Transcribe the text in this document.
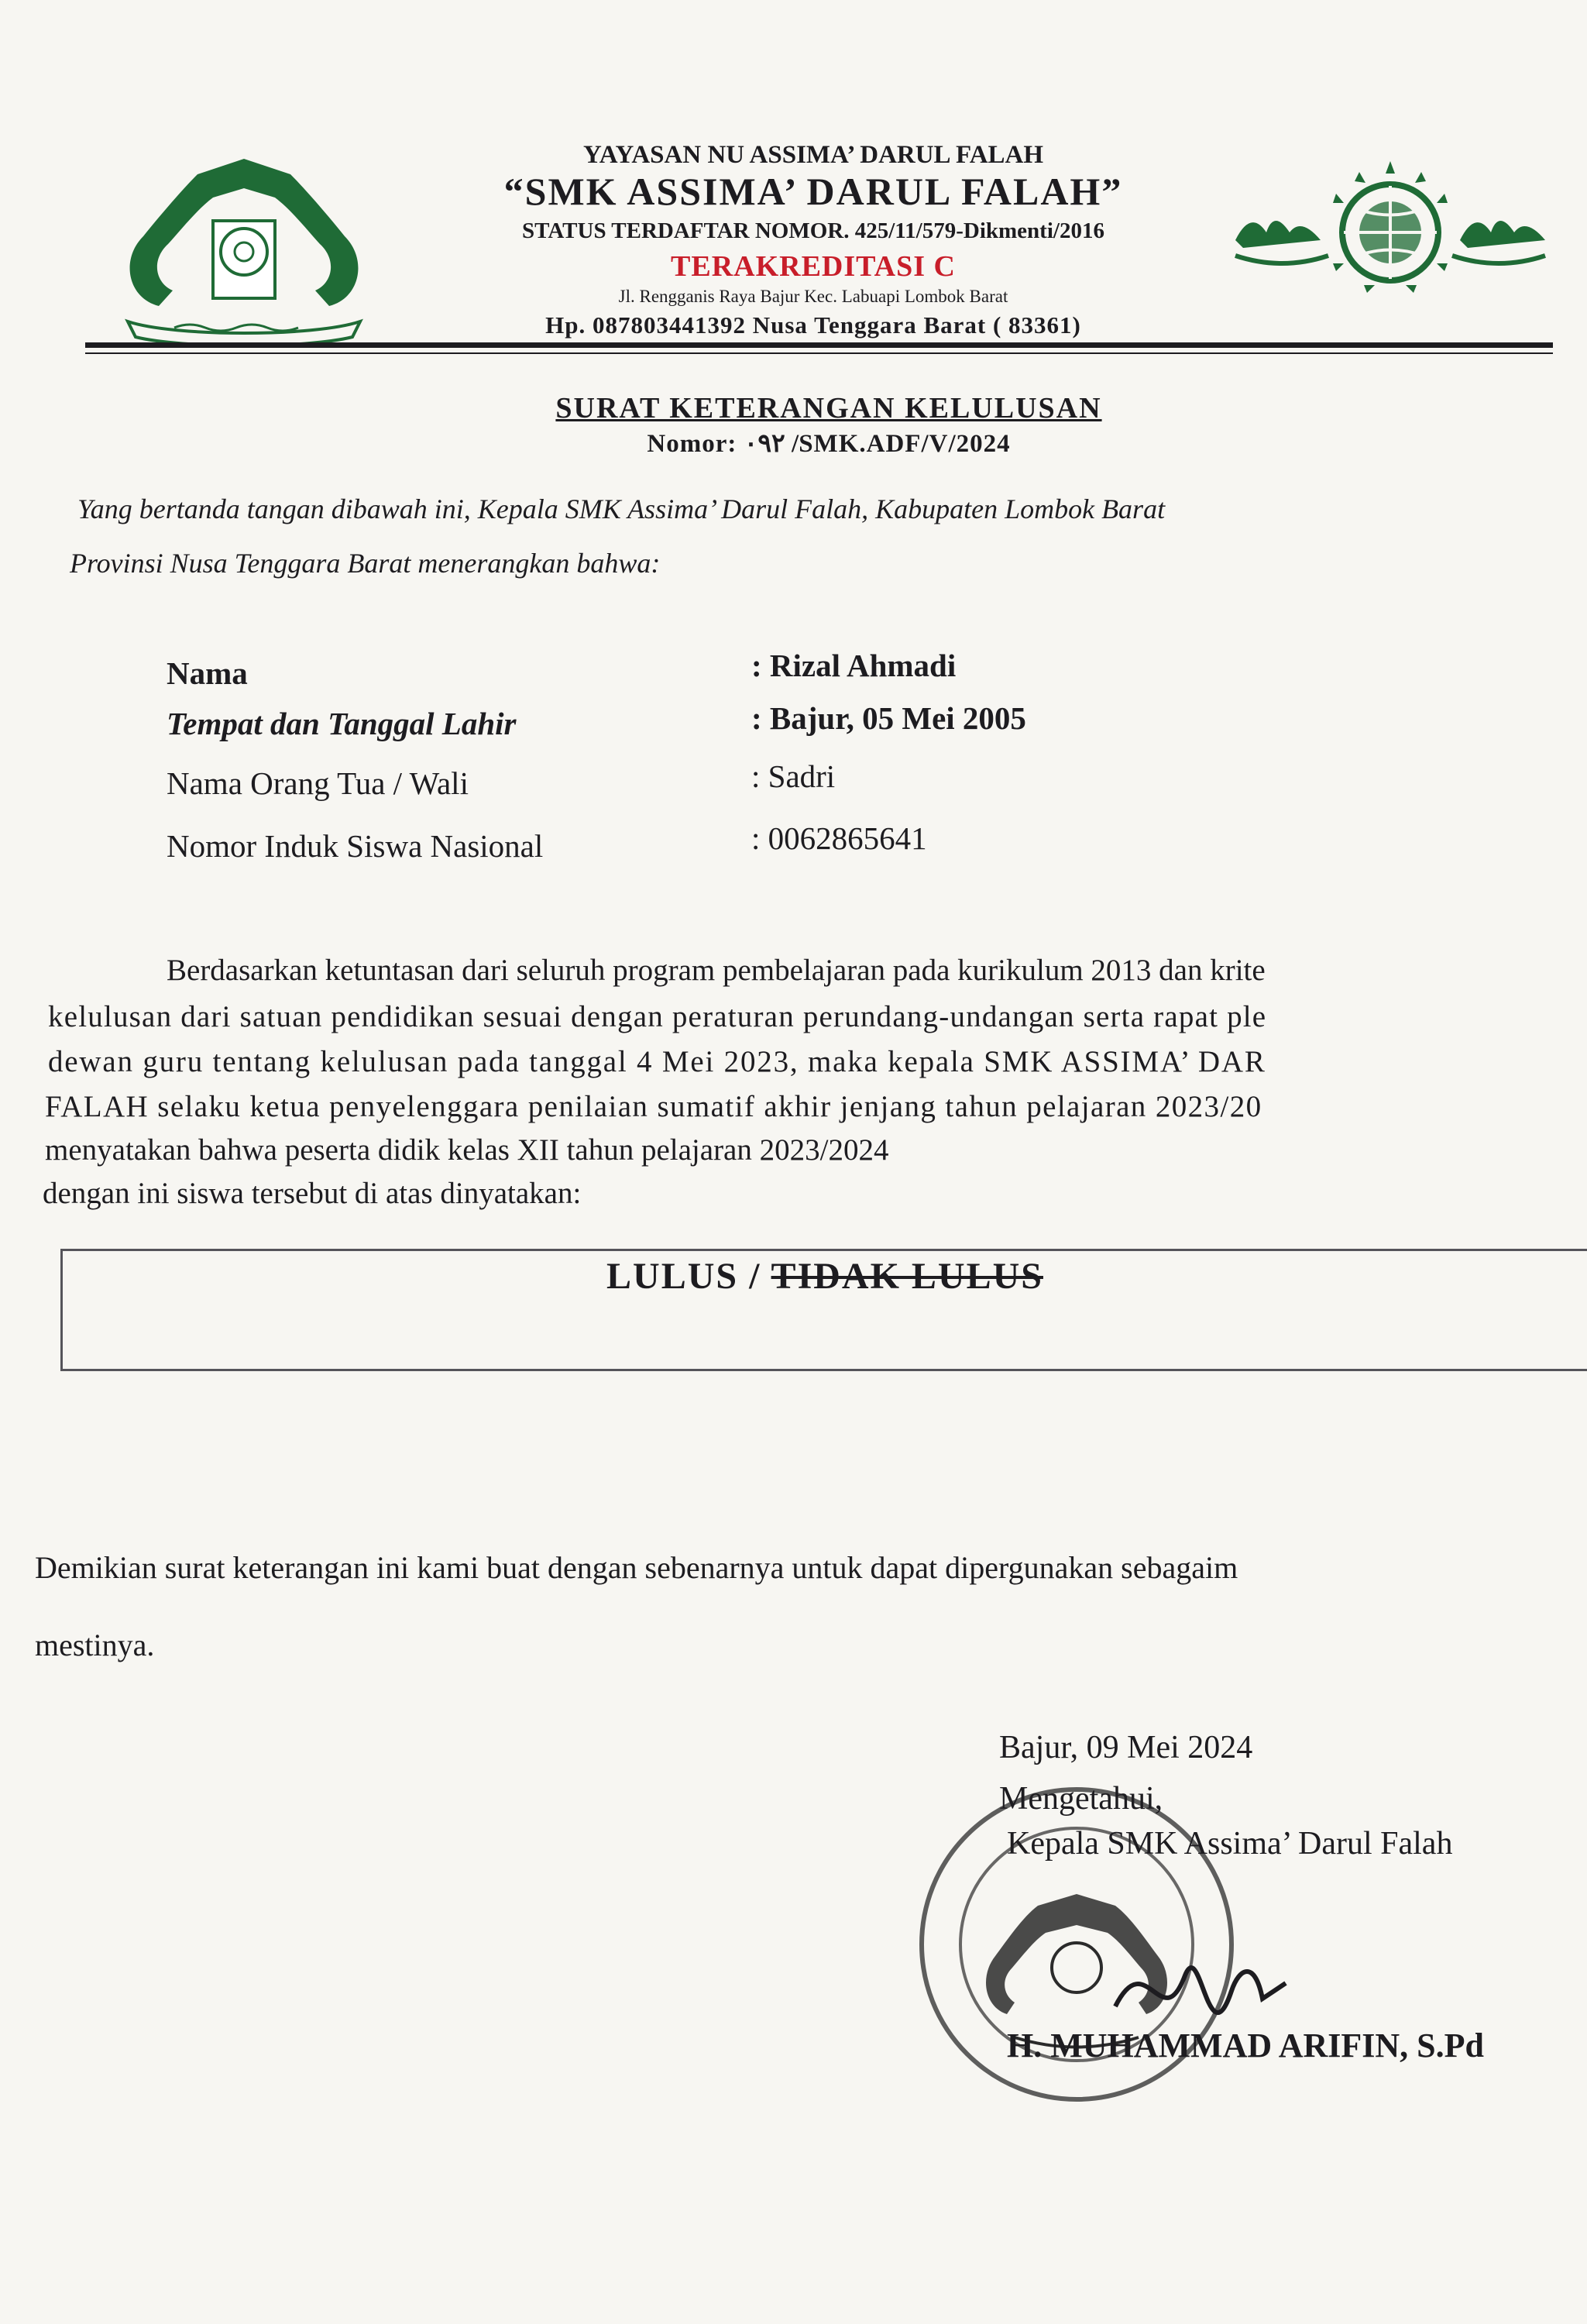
YAYASAN NU ASSIMA’ DARUL FALAH
“SMK ASSIMA’ DARUL FALAH”
STATUS TERDAFTAR NOMOR. 425/11/579-Dikmenti/2016
TERAKREDITASI C
Jl. Rengganis Raya Bajur Kec. Labuapi Lombok Barat
Hp. 087803441392 Nusa Tenggara Barat ( 83361)
SURAT KETERANGAN KELULUSAN
Nomor: ٠٩٢ /SMK.ADF/V/2024
Yang bertanda tangan dibawah ini, Kepala SMK Assima’ Darul Falah, Kabupaten Lombok Barat
Provinsi Nusa Tenggara Barat menerangkan bahwa:
Nama	: Rizal Ahmadi
Tempat dan Tanggal Lahir	: Bajur, 05 Mei 2005
Nama Orang Tua / Wali	: Sadri
Nomor Induk Siswa Nasional	: 0062865641
Berdasarkan ketuntasan dari seluruh program pembelajaran pada kurikulum 2013 dan krite
kelulusan dari satuan pendidikan sesuai dengan peraturan perundang-undangan serta rapat ple
dewan guru tentang kelulusan pada tanggal 4 Mei 2023, maka kepala SMK ASSIMA’ DAR
FALAH selaku ketua penyelenggara penilaian sumatif akhir jenjang tahun pelajaran 2023/20
menyatakan bahwa peserta didik kelas XII tahun pelajaran 2023/2024
dengan ini siswa tersebut di atas dinyatakan:
LULUS / TIDAK LULUS
Demikian surat keterangan ini kami buat dengan sebenarnya untuk dapat dipergunakan sebagaim
mestinya.
Bajur, 09 Mei 2024
Mengetahui,
Kepala SMK Assima’ Darul Falah
H. MUHAMMAD ARIFIN, S.Pd
